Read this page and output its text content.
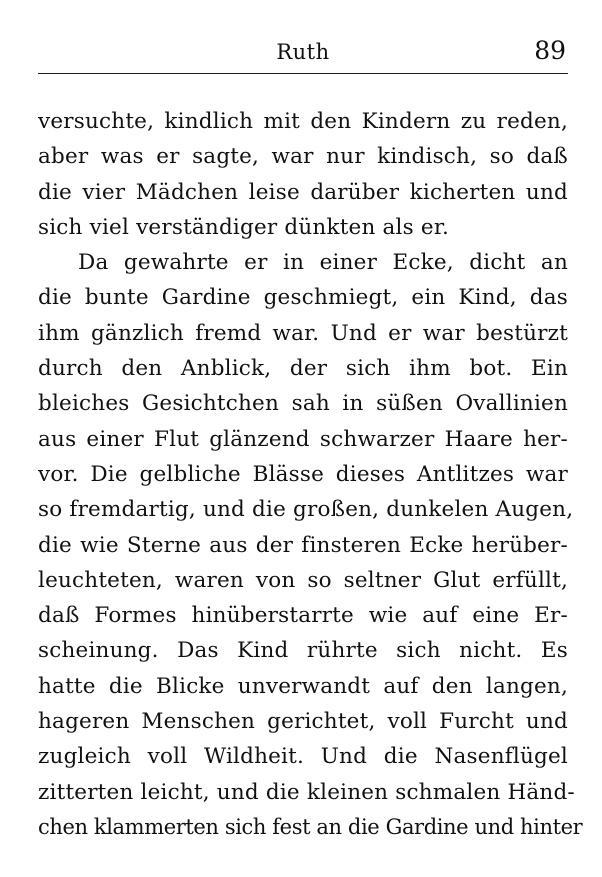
Ruth	89
versuchte, kindlich mit den Kindern zu reden,
aber was er sagte, war nur kindisch, so daß
die vier Mädchen leise darüber kicherten und
sich viel verständiger dünkten als er.
Da gewahrte er in einer Ecke, dicht an
die bunte Gardine geschmiegt, ein Kind, das
ihm gänzlich fremd war. Und er war bestürzt
durch den Anblick, der sich ihm bot. Ein
bleiches Gesichtchen sah in süßen Ovallinien
aus einer Flut glänzend schwarzer Haare her-
vor. Die gelbliche Blässe dieses Antlitzes war
so fremdartig, und die großen, dunkelen Augen,
die wie Sterne aus der finsteren Ecke herüber-
leuchteten, waren von so seltner Glut erfüllt,
daß Formes hinüberstarrte wie auf eine Er-
scheinung. Das Kind rührte sich nicht. Es
hatte die Blicke unverwandt auf den langen,
hageren Menschen gerichtet, voll Furcht und
zugleich voll Wildheit. Und die Nasenflügel
zitterten leicht, und die kleinen schmalen Händ-
chen klammerten sich fest an die Gardine und hinter
